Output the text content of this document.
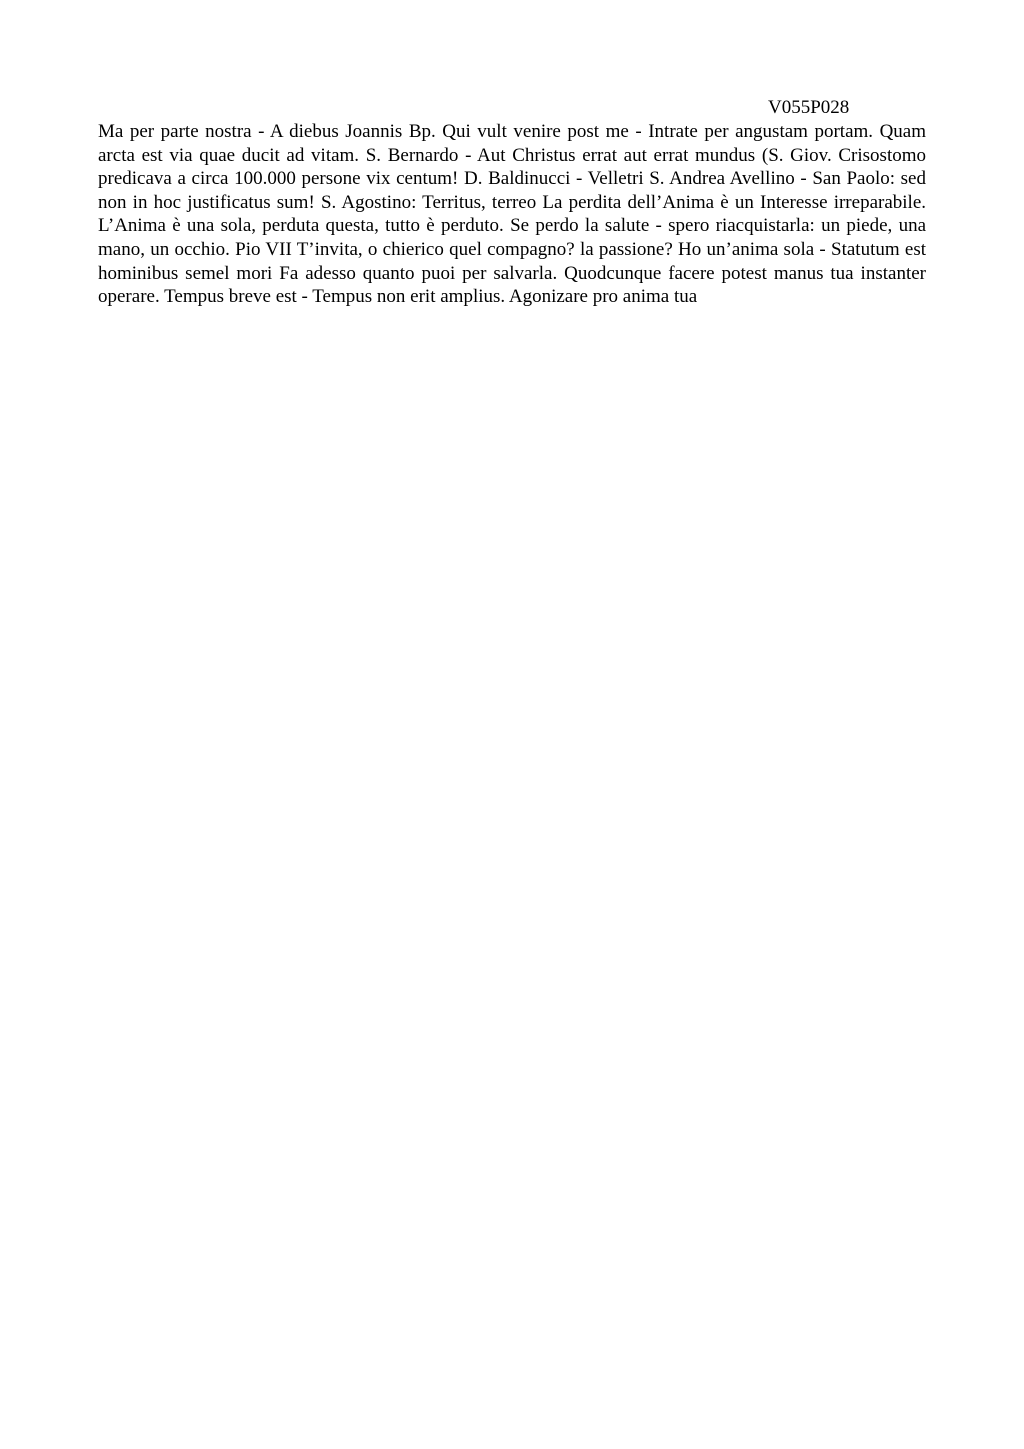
V055P028

Ma per parte nostra - A diebus Joannis Bp. Qui vult venire post me - Intrate per angustam portam. Quam arcta est via quae ducit ad vitam. S. Bernardo - Aut Christus errat aut errat mundus (S. Giov. Crisostomo predicava a circa 100.000 persone vix centum! D. Baldinucci - Velletri S. Andrea Avellino - San Paolo: sed non in hoc justificatus sum! S. Agostino: Territus, terreo La perdita dell’Anima è un Interesse irreparabile. L’Anima è una sola, perduta questa, tutto è perduto. Se perdo la salute - spero riacquistarla: un piede, una mano, un occhio. Pio VII T’invita, o chierico quel compagno? la passione? Ho un’anima sola - Statutum est hominibus semel mori Fa adesso quanto puoi per salvarla. Quodcunque facere potest manus tua instanter operare. Tempus breve est - Tempus non erit amplius. Agonizare pro anima tua
